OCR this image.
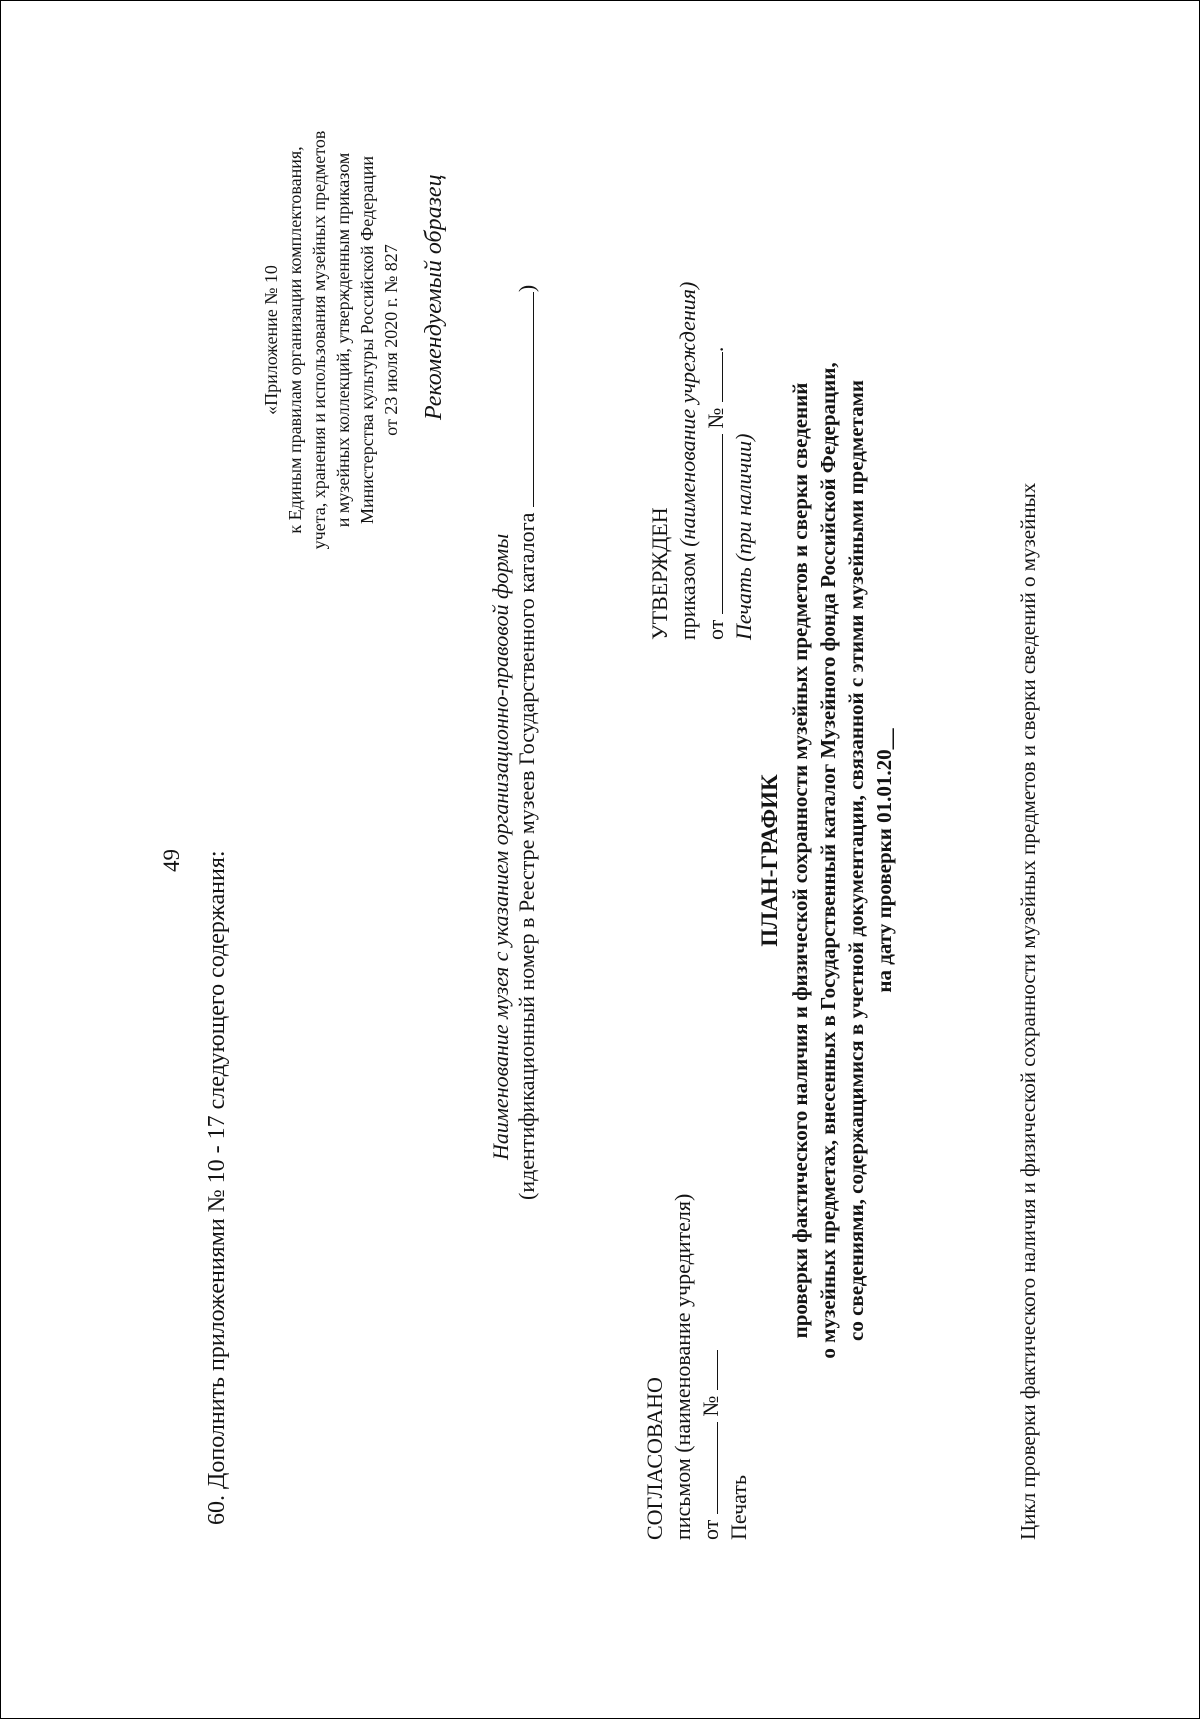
49 60. Дополнить приложениями № 10 - 17 следующего содержания:
«Приложение № 10 к Единым правилам организации комплектования, учета, хранения и использования музейных предметов и музейных коллекций, утвержденным приказом Министерства культуры Российской Федерации от 23 июля 2020 г. № 827 Рекомендуемый образец
Наименование музея с указанием организационно-правовой формы (идентификационный номер в Реестре музеев Государственного каталога )
СОГЛАСОВАНО письмом (наименование учредителя) от  №
Печать
УТВЕРЖДЕН приказом (наименование учреждения)
от  № .
Печать (при наличии)
ПЛАН-ГРАФИК проверки фактического наличия и физической сохранности музейных предметов и сверки сведений о музейных предметах, внесенных в Государственный каталог Музейного фонда Российской Федерации, со сведениями, содержащимися в учетной документации, связанной с этими музейными предметами на дату проверки 01.01.20__	Цикл проверки фактического наличия и физической сохранности музейных предметов и сверки сведений о музейных
